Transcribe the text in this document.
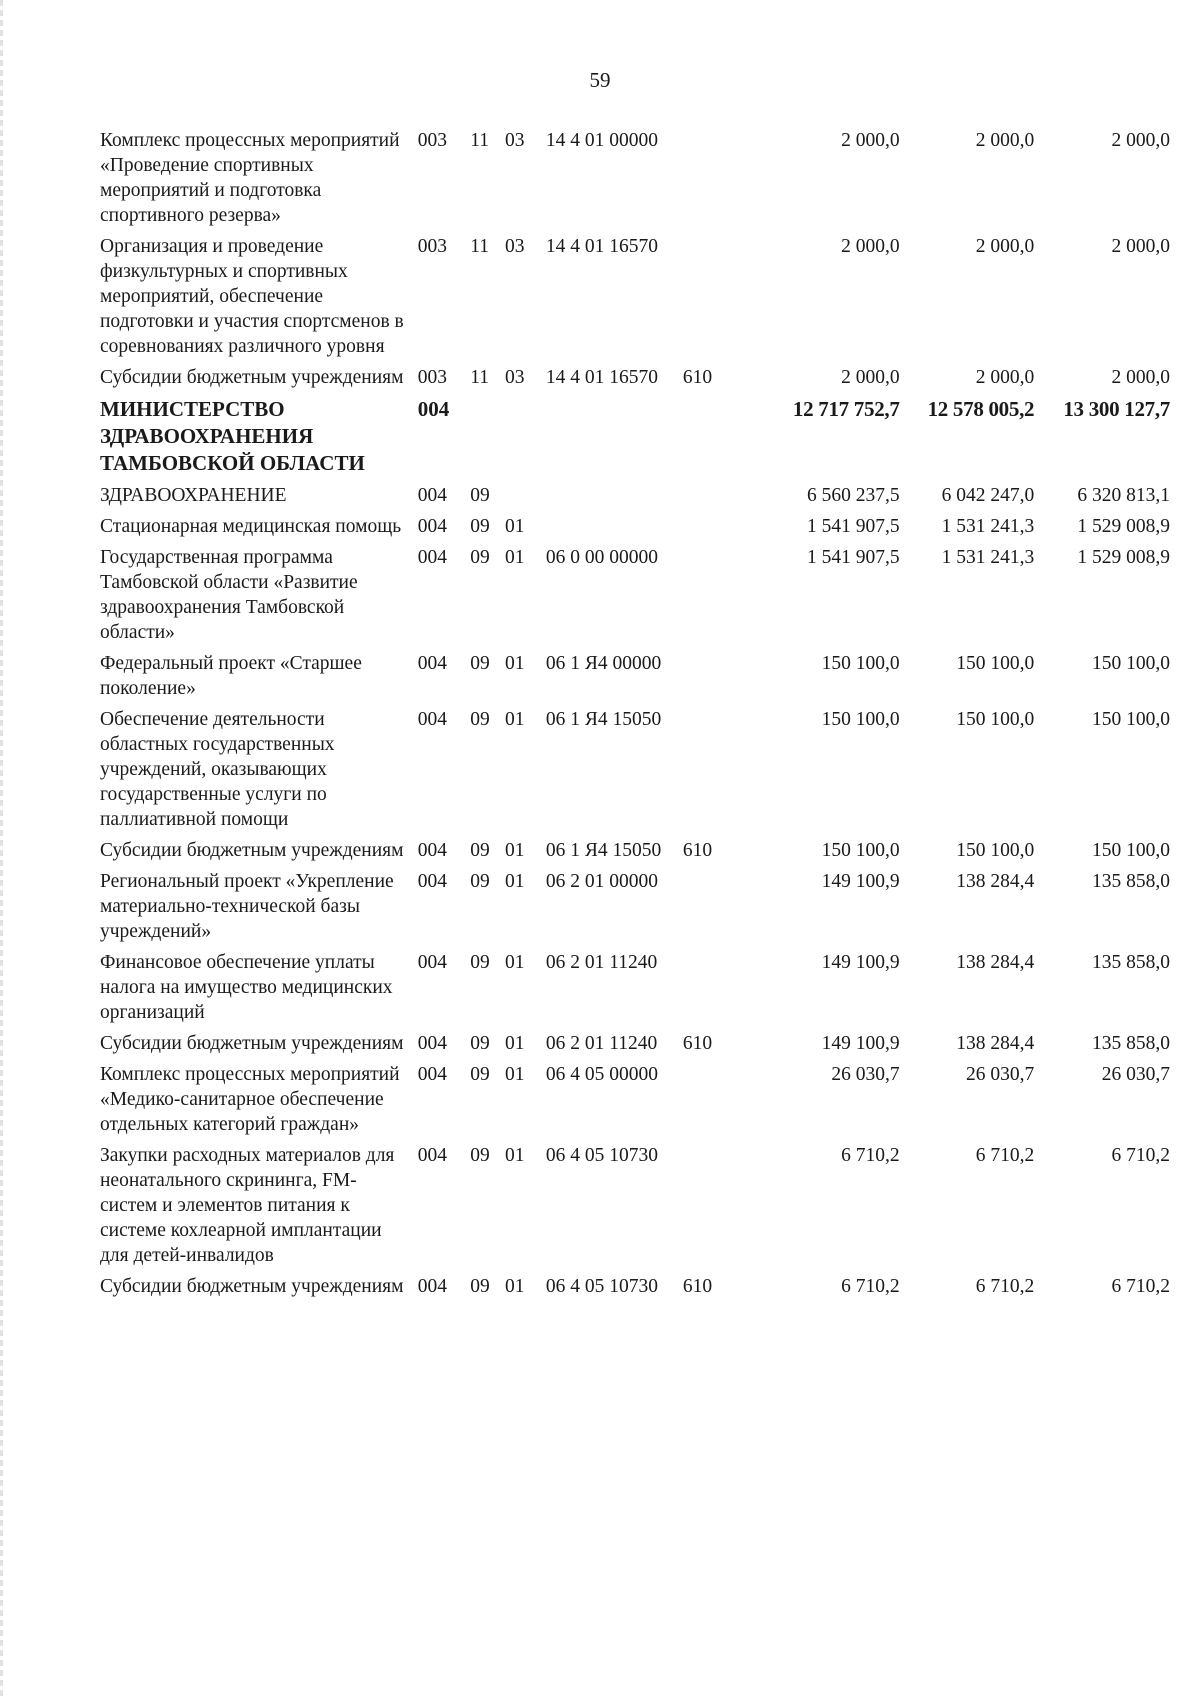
59
Комплекс процессных мероприятий «Проведение спортивных мероприятий и подготовка спортивного резерва»	003	11	03	14 4 01 00000		2 000,0	2 000,0	2 000,0
Организация и проведение физкультурных и спортивных мероприятий, обеспечение подготовки и участия спортсменов в соревнованиях различного уровня	003	11	03	14 4 01 16570		2 000,0	2 000,0	2 000,0
Субсидии бюджетным учреждениям	003	11	03	14 4 01 16570	610	2 000,0	2 000,0	2 000,0
МИНИСТЕРСТВО ЗДРАВООХРАНЕНИЯ ТАМБОВСКОЙ ОБЛАСТИ	004					12 717 752,7	12 578 005,2	13 300 127,7
ЗДРАВООХРАНЕНИЕ	004	09				6 560 237,5	6 042 247,0	6 320 813,1
Стационарная медицинская помощь	004	09	01			1 541 907,5	1 531 241,3	1 529 008,9
Государственная программа Тамбовской области «Развитие здравоохранения Тамбовской области»	004	09	01	06 0 00 00000		1 541 907,5	1 531 241,3	1 529 008,9
Федеральный проект «Старшее поколение»	004	09	01	06 1 Я4 00000		150 100,0	150 100,0	150 100,0
Обеспечение деятельности областных государственных учреждений, оказывающих государственные услуги по паллиативной помощи	004	09	01	06 1 Я4 15050		150 100,0	150 100,0	150 100,0
Субсидии бюджетным учреждениям	004	09	01	06 1 Я4 15050	610	150 100,0	150 100,0	150 100,0
Региональный проект «Укрепление материально-технической базы учреждений»	004	09	01	06 2 01 00000		149 100,9	138 284,4	135 858,0
Финансовое обеспечение уплаты налога на имущество медицинских организаций	004	09	01	06 2 01 11240		149 100,9	138 284,4	135 858,0
Субсидии бюджетным учреждениям	004	09	01	06 2 01 11240	610	149 100,9	138 284,4	135 858,0
Комплекс процессных мероприятий «Медико-санитарное обеспечение отдельных категорий граждан»	004	09	01	06 4 05 00000		26 030,7	26 030,7	26 030,7
Закупки расходных материалов для неонатального скрининга, FM-систем и элементов питания к системе кохлеарной имплантации для детей-инвалидов	004	09	01	06 4 05 10730		6 710,2	6 710,2	6 710,2
Субсидии бюджетным учреждениям	004	09	01	06 4 05 10730	610	6 710,2	6 710,2	6 710,2
